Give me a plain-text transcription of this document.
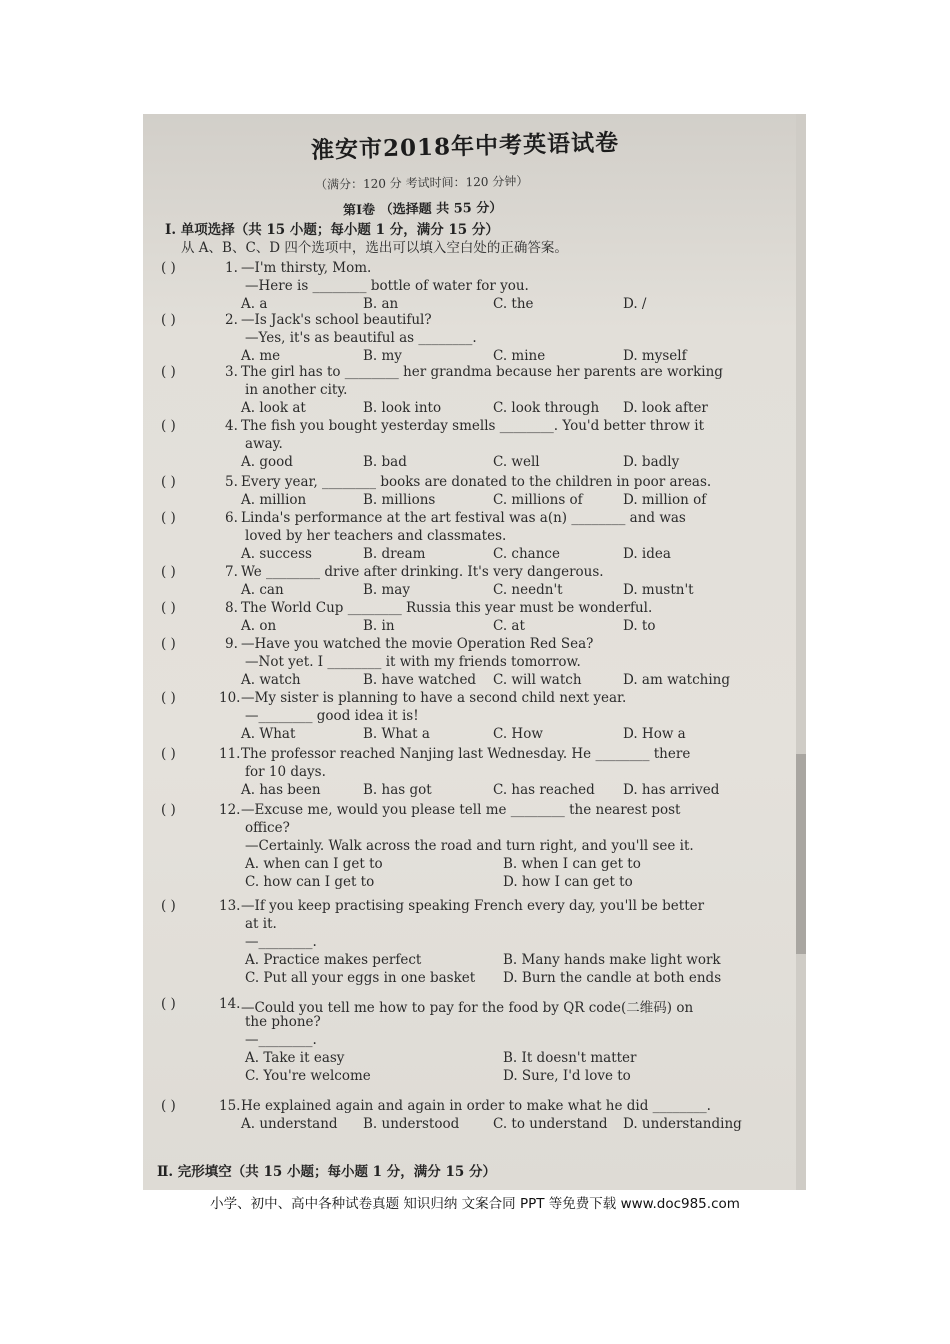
淮安市2018年中考英语试卷
（满分：120 分 考试时间：120 分钟）
第Ⅰ卷 （选择题 共 55 分）
Ⅰ. 单项选择（共 15 小题；每小题 1 分，满分 15 分）
从 A、B、C、D 四个选项中，选出可以填入空白处的正确答案。
( )	1. —I'm thirsty, Mom.
—Here is ________ bottle of water for you.
A. a	B. an	C. the	D. /
( )	2. —Is Jack's school beautiful?
—Yes, it's as beautiful as ________.
A. me	B. my	C. mine	D. myself
( )	3. The girl has to ________ her grandma because her parents are working
in another city.
A. look at	B. look into	C. look through D. look after
( )	4. The fish you bought yesterday smells ________. You'd better throw it
away.
A. good	B. bad	C. well	D. badly
( )	5. Every year, ________ books are donated to the children in poor areas.
A. million	B. millions	C. millions of	D. million of
( )	6. Linda's performance at the art festival was a(n) ________ and was
loved by her teachers and classmates.
A. success	B. dream	C. chance	D. idea
( )	7. We ________ drive after drinking. It's very dangerous.
A. can	B. may	C. needn't	D. mustn't
( )	8. The World Cup ________ Russia this year must be wonderful.
A. on	B. in	C. at	D. to
( )	9. —Have you watched the movie Operation Red Sea?
—Not yet. I ________ it with my friends tomorrow.
A. watch	B. have watched C. will watch	D. am watching
( )	10. —My sister is planning to have a second child next year.
—________ good idea it is!
A. What	B. What a	C. How	D. How a
( )	11. The professor reached Nanjing last Wednesday. He ________ there
for 10 days.
A. has been	B. has got	C. has reached D. has arrived
( )	12. —Excuse me, would you please tell me ________ the nearest post
office?
—Certainly. Walk across the road and turn right, and you'll see it.
A. when can I get to	B. when I can get to
C. how can I get to	D. how I can get to
( )	13. —If you keep practising speaking French every day, you'll be better
at it.
—________.
A. Practice makes perfect	B. Many hands make light work
C. Put all your eggs in one basket D. Burn the candle at both ends
( )	14. —Could you tell me how to pay for the food by QR code(二维码) on
the phone?
—________.
A. Take it easy	B. It doesn't matter
C. You're welcome	D. Sure, I'd love to
( )	15. He explained again and again in order to make what he did ________.
A. understand B. understood	C. to understand D. understanding
Ⅱ. 完形填空（共 15 小题；每小题 1 分，满分 15 分）
小学、初中、高中各种试卷真题 知识归纳 文案合同 PPT 等免费下载 www.doc985.com
